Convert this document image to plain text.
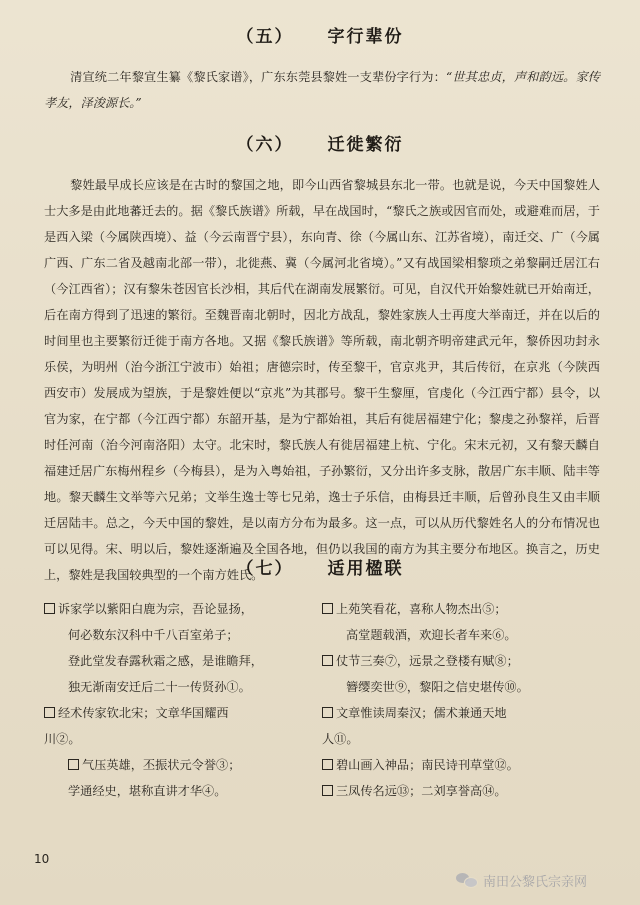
（五） 字行辈份
清宣统二年黎宣生纂《黎氏家谱》，广东东莞县黎姓一支辈份字行为：“世其忠贞，声和韵远。家传孝友，泽浚源长。”
（六） 迁徙繁衍
黎姓最早成长应该是在古时的黎国之地，即今山西省黎城县东北一带。也就是说，今天中国黎姓人士大多是由此地蕃迁去的。据《黎氏族谱》所载，早在战国时，“黎氏之族或因官而处，或避难而居，于是西入梁（今属陕西境）、益（今云南晋宁县），东向青、徐（今属山东、江苏省境），南迁交、广（今属广西、广东二省及越南北部一带），北徙燕、冀（今属河北省境）。”又有战国梁相黎琐之弟黎嗣迁居江右（今江西省）；汉有黎朱苍因官长沙相，其后代在湖南发展繁衍。可见，自汉代开始黎姓就已开始南迁，后在南方得到了迅速的繁衍。至魏晋南北朝时，因北方战乱，黎姓家族人士再度大举南迁，并在以后的时间里也主要繁衍迁徙于南方各地。又据《黎氏族谱》等所载，南北朝齐明帝建武元年，黎侨因功封永乐侯，为明州（治今浙江宁波市）始祖；唐德宗时，传至黎干，官京兆尹，其后传衍，在京兆（今陕西西安市）发展成为望族，于是黎姓便以“京兆”为其郡号。黎干生黎厘，官虔化（今江西宁都）县令，以官为家，在宁都（今江西宁都）东韶开基，是为宁都始祖，其后有徙居福建宁化；黎虔之孙黎祥，后晋时任河南（治今河南洛阳）太守。北宋时，黎氏族人有徙居福建上杭、宁化。宋末元初，又有黎天麟自福建迁居广东梅州程乡（今梅县），是为入粤始祖，子孙繁衍，又分出许多支脉，散居广东丰顺、陆丰等地。黎天麟生文举等六兄弟；文举生逸士等七兄弟，逸士子乐信，由梅县迁丰顺，后曾孙良生又由丰顺迁居陆丰。总之，今天中国的黎姓，是以南方分布为最多。这一点，可以从历代黎姓名人的分布情况也可以见得。宋、明以后，黎姓逐渐遍及全国各地，但仍以我国的南方为其主要分布地区。换言之，历史上，黎姓是我国较典型的一个南方姓氏。
（七） 适用楹联
诉家学以紫阳白鹿为宗，吾论显扬，
何必数东汉科中千八百室弟子；
登此堂发春露秋霜之感，是谁瞻拜，
独无渐南安迁后二十一传贤孙①。
经术传家钦北宋；文章华国耀西
川②。
气压英雄，丕振状元令誉③；
学通经史，堪称直讲才华④。
上苑笑看花，喜称人物杰出⑤；
高堂题载酒，欢迎长者车来⑥。
仗节三奏⑦，远景之登楼有赋⑧；
簪缨奕世⑨，黎阳之信史堪传⑩。
文章惟读周秦汉；儒术兼通天地
人⑪。
碧山画入神品；南民诗刊草堂⑫。
三凤传名远⑬；二刘享誉高⑭。
10
南田公黎氏宗亲网
